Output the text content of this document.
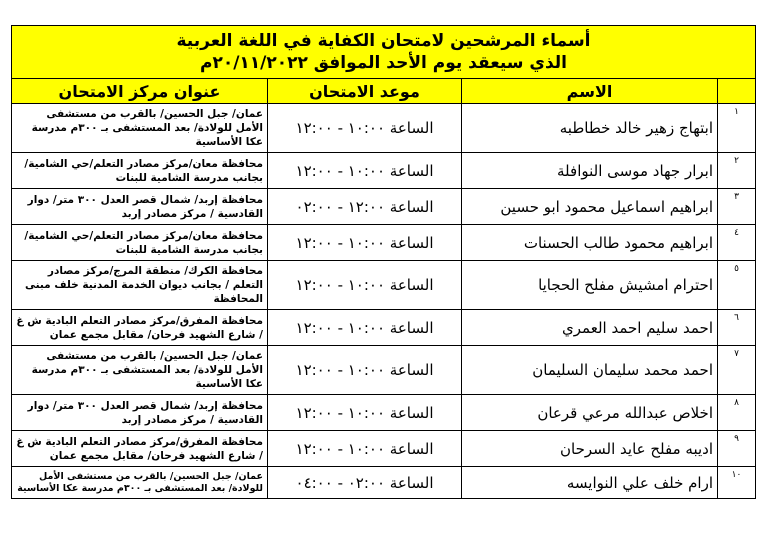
أسماء المرشحين لامتحان الكفاية في اللغة العربية
الذي سيعقد يوم الأحد الموافق ٢٠/١١/٢٠٢٢م			

	الاسم	موعد الامتحان	عنوان مركز الامتحان
١	ابتهاج زهير خالد خطاطبه	الساعة ١٠:٠٠ - ١٢:٠٠	عمان/ جبل الحسين/ بالقرب من مستشفى الأمل للولادة/ بعد المستشفى بـ ٣٠٠م مدرسة عكا الأساسية
٢	ابرار جهاد موسى النوافلة	الساعة ١٠:٠٠ - ١٢:٠٠	محافظة معان/مركز مصادر التعلم/حي الشامية/ بجانب مدرسة الشامية للبنات
٣	ابراهيم اسماعيل محمود ابو حسين	الساعة ١٢:٠٠ - ٠٢:٠٠	محافظة إربد/ شمال قصر العدل ٣٠٠ متر/ دوار القادسية / مركز مصادر إربد
٤	ابراهيم محمود طالب الحسنات	الساعة ١٠:٠٠ - ١٢:٠٠	محافظة معان/مركز مصادر التعلم/حي الشامية/ بجانب مدرسة الشامية للبنات
٥	احترام امشيش مفلح الحجايا	الساعة ١٠:٠٠ - ١٢:٠٠	محافظة الكرك/ منطقة المرج/مركز مصادر التعلم / بجانب ديوان الخدمة المدنية خلف مبنى المحافظة
٦	احمد سليم احمد العمري	الساعة ١٠:٠٠ - ١٢:٠٠	محافظة المفرق/مركز مصادر التعلم البادية ش غ / شارع الشهيد فرحان/ مقابل مجمع عمان
٧	احمد محمد سليمان السليمان	الساعة ١٠:٠٠ - ١٢:٠٠	عمان/ جبل الحسين/ بالقرب من مستشفى الأمل للولادة/ بعد المستشفى بـ ٣٠٠م مدرسة عكا الأساسية
٨	اخلاص عبدالله مرعي قرعان	الساعة ١٠:٠٠ - ١٢:٠٠	محافظة إربد/ شمال قصر العدل ٣٠٠ متر/ دوار القادسية / مركز مصادر إربد
٩	اديبه مفلح عايد السرحان	الساعة ١٠:٠٠ - ١٢:٠٠	محافظة المفرق/مركز مصادر التعلم البادية ش غ / شارع الشهيد فرحان/ مقابل مجمع عمان
١٠	ارام خلف علي النوايسه	الساعة ٠٢:٠٠ - ٠٤:٠٠	عمان/ جبل الحسين/ بالقرب من مستشفى الأمل للولادة/ بعد المستشفى بـ ٣٠٠م مدرسة عكا الأساسية
